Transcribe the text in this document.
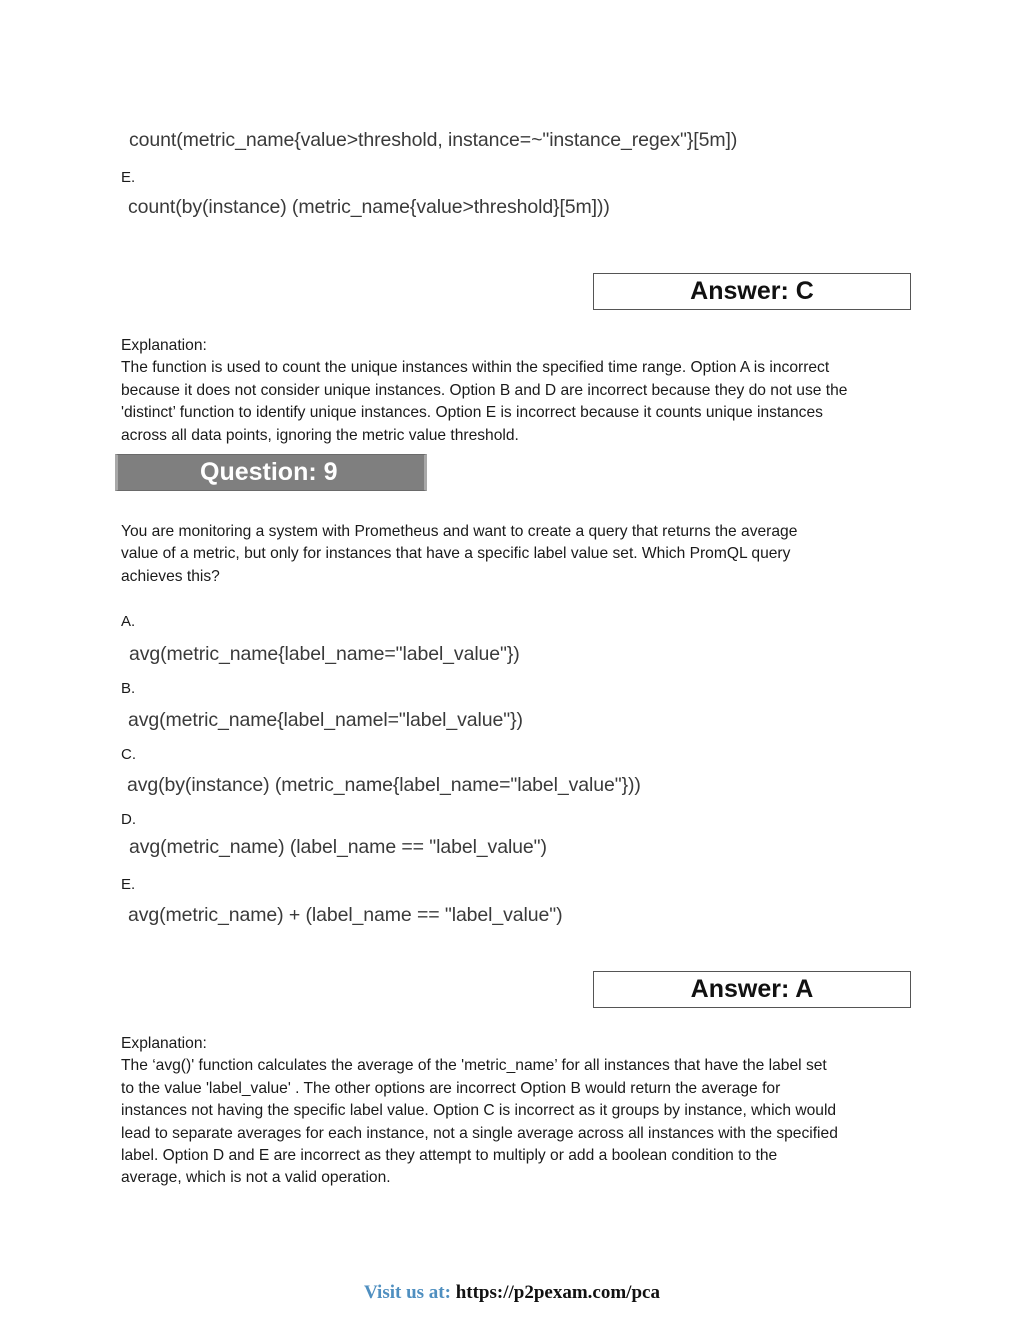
count(metric_name{value>threshold, instance=~"instance_regex"}[5m])
E.
count(by(instance) (metric_name{value>threshold}[5m]))
Answer: C
Explanation:
The function is used to count the unique instances within the specified time range. Option A is incorrect
because it does not consider unique instances. Option B and D are incorrect because they do not use the
'distinct’ function to identify unique instances. Option E is incorrect because it counts unique instances
across all data points, ignoring the metric value threshold.
Question: 9
You are monitoring a system with Prometheus and want to create a query that returns the average
value of a metric, but only for instances that have a specific label value set. Which PromQL query
achieves this?
A.
avg(metric_name{label_name="label_value"})
B.
avg(metric_name{label_namel="label_value"})
C.
avg(by(instance) (metric_name{label_name="label_value"}))
D.
avg(metric_name) (label_name == "label_value")
E.
avg(metric_name) + (label_name == "label_value")
Answer: A
Explanation:
The ‘avg()' function calculates the average of the 'metric_name’ for all instances that have the label set
to the value 'label_value' . The other options are incorrect Option B would return the average for
instances not having the specific label value. Option C is incorrect as it groups by instance, which would
lead to separate averages for each instance, not a single average across all instances with the specified
label. Option D and E are incorrect as they attempt to multiply or add a boolean condition to the
average, which is not a valid operation.
Visit us at: https://p2pexam.com/pca
